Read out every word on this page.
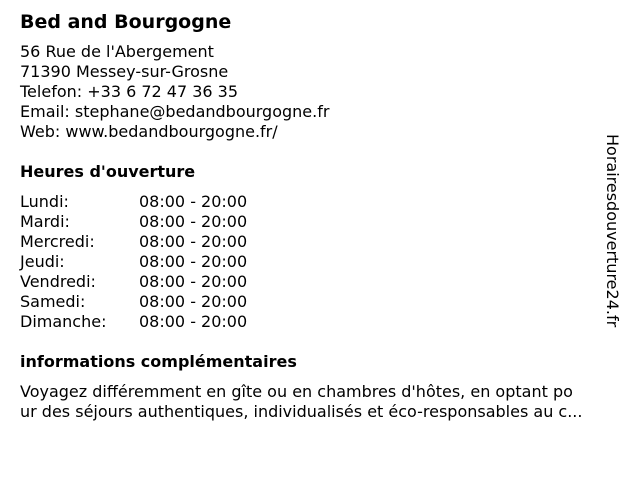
Bed and Bourgogne
56 Rue de l'Abergement
71390 Messey-sur-Grosne
Telefon: +33 6 72 47 36 35
Email: stephane@bedandbourgogne.fr
Web: www.bedandbourgogne.fr/
Heures d'ouverture
Lundi:	08:00 - 20:00
Mardi:	08:00 - 20:00
Mercredi:	08:00 - 20:00
Jeudi:	08:00 - 20:00
Vendredi:	08:00 - 20:00
Samedi:	08:00 - 20:00
Dimanche:	08:00 - 20:00
informations complémentaires
Voyagez différemment en gîte ou en chambres d'hôtes, en optant po
ur des séjours authentiques, individualisés et éco-responsables au c...
Horairesdouverture24.fr
